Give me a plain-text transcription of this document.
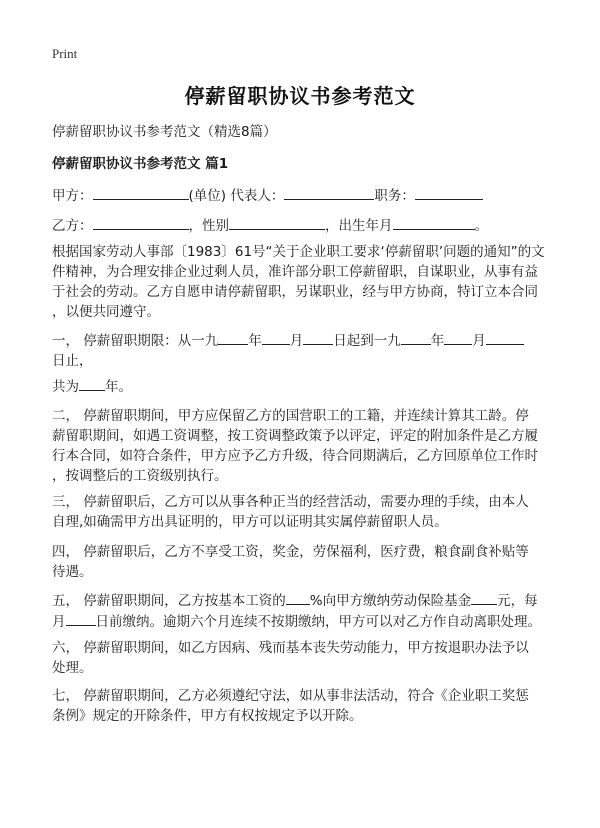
Print
停薪留职协议书参考范文
停薪留职协议书参考范文（精选8篇）
停薪留职协议书参考范文 篇1
甲方：	(单位) 代表人：	职务：
乙方：	，性别	，出生年月	。
根据国家劳动人事部〔1983〕61号“关于企业职工要求‘停薪留职’问题的通知”的文
件精神，为合理安排企业过剩人员，准许部分职工停薪留职，自谋职业，从事有益
于社会的劳动。乙方自愿申请停薪留职，另谋职业，经与甲方协商，特订立本合同
，以便共同遵守。
一， 停薪留职期限：从一九 年 月 日起到一九 年 月
日止，
共为 年。
二， 停薪留职期间，甲方应保留乙方的国营职工的工籍，并连续计算其工龄。停
薪留职期间，如遇工资调整，按工资调整政策予以评定，评定的附加条件是乙方履
行本合同，如符合条件，甲方应予乙方升级，待合同期满后，乙方回原单位工作时
，按调整后的工资级别执行。
三， 停薪留职后，乙方可以从事各种正当的经营活动，需要办理的手续，由本人
自理,如确需甲方出具证明的，甲方可以证明其实属停薪留职人员。
四， 停薪留职后，乙方不享受工资，奖金，劳保福利，医疗费，粮食副食补贴等
待遇。
五， 停薪留职期间，乙方按基本工资的 %向甲方缴纳劳动保险基金 元，每
月 日前缴纳。逾期六个月连续不按期缴纳，甲方可以对乙方作自动离职处理。
六， 停薪留职期间，如乙方因病、残而基本丧失劳动能力，甲方按退职办法予以
处理。
七， 停薪留职期间，乙方必须遵纪守法，如从事非法活动，符合《企业职工奖惩
条例》规定的开除条件，甲方有权按规定予以开除。
